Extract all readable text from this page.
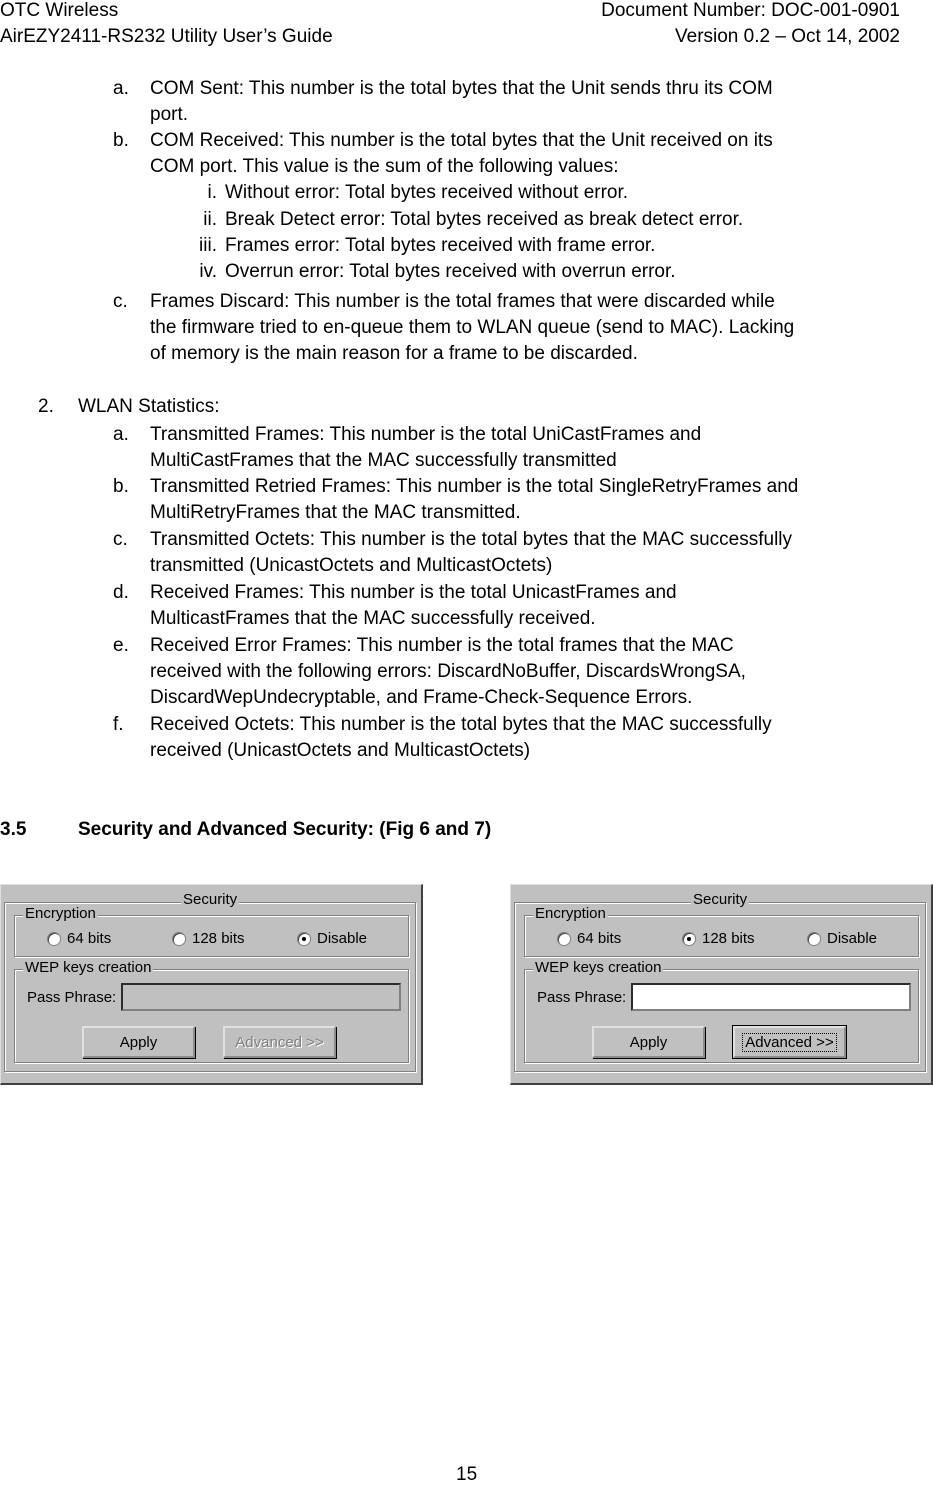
OTC Wireless
AirEZY2411-RS232 Utility User’s Guide
Document Number: DOC-001-0901
Version 0.2 – Oct 14, 2002
a. COM Sent: This number is the total bytes that the Unit sends thru its COM
port.
b. COM Received: This number is the total bytes that the Unit received on its
COM port. This value is the sum of the following values:
i. Without error: Total bytes received without error.
ii. Break Detect error: Total bytes received as break detect error.
iii. Frames error: Total bytes received with frame error.
iv. Overrun error: Total bytes received with overrun error.
c. Frames Discard: This number is the total frames that were discarded while
the firmware tried to en-queue them to WLAN queue (send to MAC). Lacking
of memory is the main reason for a frame to be discarded.
2. WLAN Statistics:
a. Transmitted Frames: This number is the total UniCastFrames and
MultiCastFrames that the MAC successfully transmitted
b. Transmitted Retried Frames: This number is the total SingleRetryFrames and
MultiRetryFrames that the MAC transmitted.
c. Transmitted Octets: This number is the total bytes that the MAC successfully
transmitted (UnicastOctets and MulticastOctets)
d. Received Frames: This number is the total UnicastFrames and
MulticastFrames that the MAC successfully received.
e. Received Error Frames: This number is the total frames that the MAC
received with the following errors: DiscardNoBuffer, DiscardsWrongSA,
DiscardWepUndecryptable, and Frame-Check-Sequence Errors.
f. Received Octets: This number is the total bytes that the MAC successfully
received (UnicastOctets and MulticastOctets)
3.5	Security and Advanced Security: (Fig 6 and 7)
Security
Encryption
64 bits	128 bits	Disable
WEP keys creation
Pass Phrase:
Apply	Advanced >>
Security
Encryption
64 bits	128 bits	Disable
WEP keys creation
Pass Phrase:
Apply	Advanced >>
15
